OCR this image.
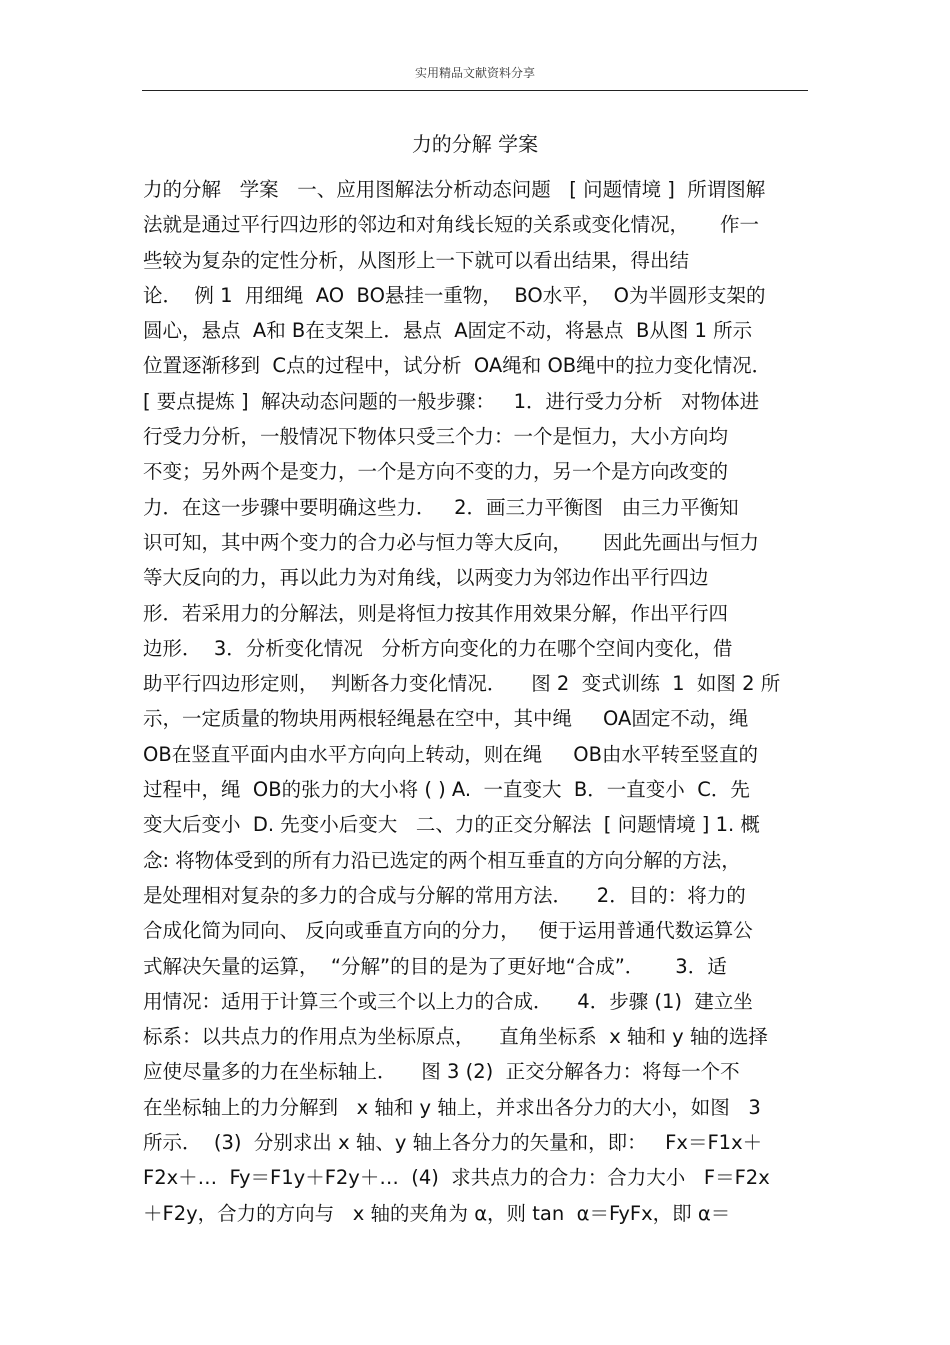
实用精品文献资料分享
力的分解 学案
力的分解   学案   一、应用图解法分析动态问题   [ 问题情境 ]  所谓图解
法就是通过平行四边形的邻边和对角线长短的关系或变化情况，     作一
些较为复杂的定性分析，从图形上一下就可以看出结果，得出结
论．  例 1  用细绳  AO  BO悬挂一重物，  BO水平，  O为半圆形支架的
圆心，悬点  A和 B在支架上．悬点  A固定不动，将悬点  B从图 1 所示
位置逐渐移到  C点的过程中，试分析  OA绳和 OB绳中的拉力变化情况．
[ 要点提炼 ]  解决动态问题的一般步骤：   1．进行受力分析   对物体进
行受力分析，一般情况下物体只受三个力：一个是恒力，大小方向均
不变；另外两个是变力，一个是方向不变的力，另一个是方向改变的
力．在这一步骤中要明确这些力．   2．画三力平衡图   由三力平衡知
识可知，其中两个变力的合力必与恒力等大反向，     因此先画出与恒力
等大反向的力，再以此力为对角线，以两变力为邻边作出平行四边
形．若采用力的分解法，则是将恒力按其作用效果分解，作出平行四
边形．  3．分析变化情况   分析方向变化的力在哪个空间内变化，借
助平行四边形定则，  判断各力变化情况．    图 2  变式训练  1  如图 2 所
示，一定质量的物块用两根轻绳悬在空中，其中绳     OA固定不动，绳
OB在竖直平面内由水平方向向上转动，则在绳     OB由水平转至竖直的
过程中，绳  OB的张力的大小将 ( ) A.  一直变大  B．一直变小  C．先
变大后变小  D. 先变小后变大   二、力的正交分解法  [ 问题情境 ] 1. 概
念: 将物体受到的所有力沿已选定的两个相互垂直的方向分解的方法，
是处理相对复杂的多力的合成与分解的常用方法．    2．目的：将力的
合成化简为同向、 反向或垂直方向的分力，   便于运用普通代数运算公
式解决矢量的运算，  “分解”的目的是为了更好地“合成”．     3．适
用情况：适用于计算三个或三个以上力的合成．    4．步骤 (1)  建立坐
标系：以共点力的作用点为坐标原点，    直角坐标系  x 轴和 y 轴的选择
应使尽量多的力在坐标轴上．    图 3 (2)  正交分解各力：将每一个不
在坐标轴上的力分解到   x 轴和 y 轴上，并求出各分力的大小，如图   3
所示．  (3)  分别求出 x 轴、y 轴上各分力的矢量和，即：   Fx＝F1x＋
F2x＋…  Fy＝F1y＋F2y＋…  (4)  求共点力的合力：合力大小   F＝F2x
＋F2y，合力的方向与   x 轴的夹角为 α，则 tan  α＝FyFx，即 α＝
